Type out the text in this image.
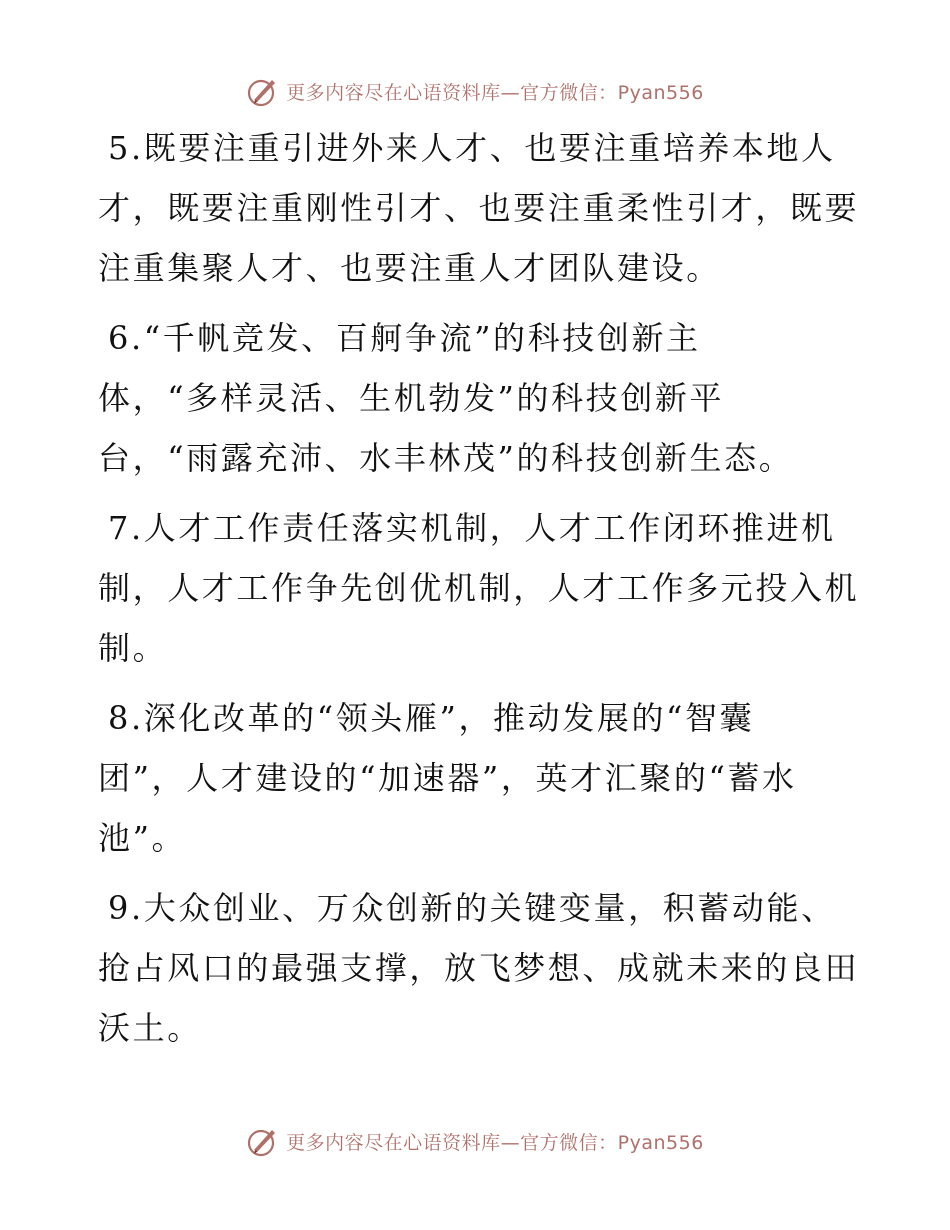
更多内容尽在心语资料库—官方微信：Pyan556

5.既要注重引进外来人才、也要注重培养本地人
才，既要注重刚性引才、也要注重柔性引才，既要
注重集聚人才、也要注重人才团队建设。

6.“千帆竞发、百舸争流”的科技创新主
体，“多样灵活、生机勃发”的科技创新平
台，“雨露充沛、水丰林茂”的科技创新生态。

7.人才工作责任落实机制，人才工作闭环推进机
制，人才工作争先创优机制，人才工作多元投入机
制。

8.深化改革的“领头雁”，推动发展的“智囊
团”，人才建设的“加速器”，英才汇聚的“蓄水
池”。

9.大众创业、万众创新的关键变量，积蓄动能、
抢占风口的最强支撑，放飞梦想、成就未来的良田
沃土。

更多内容尽在心语资料库—官方微信：Pyan556
